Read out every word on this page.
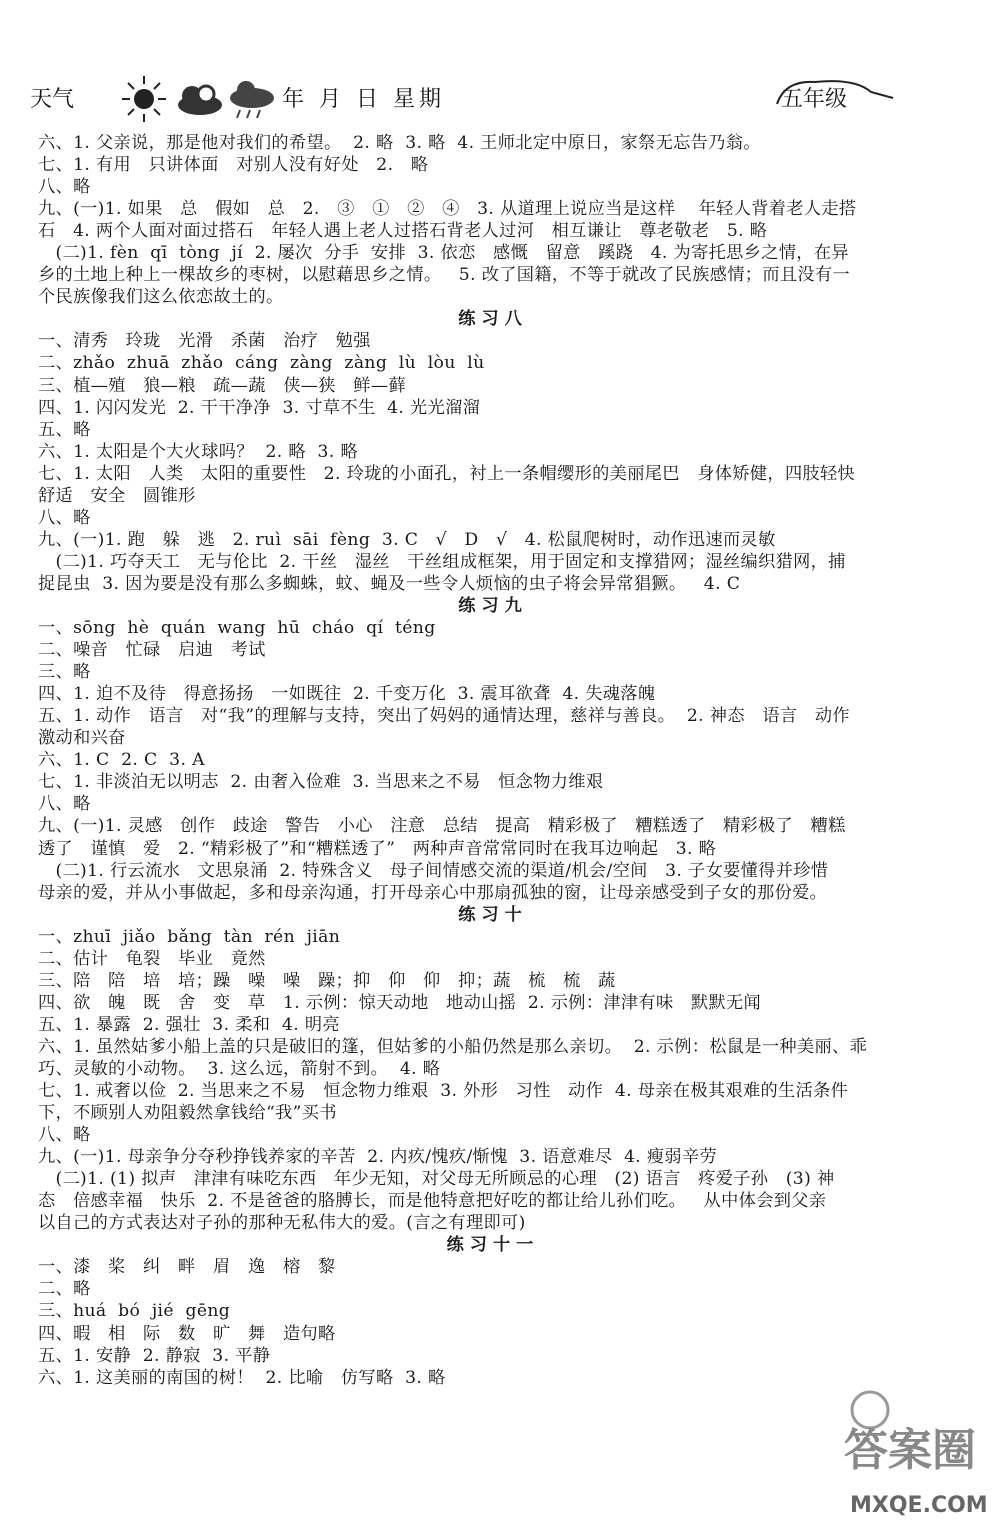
天气	年 月 日 星期	五年级
六、1. 父亲说，那是他对我们的希望。  2. 略  3. 略  4. 王师北定中原日，家祭无忘告乃翁。
七、1. 有用   只讲体面   对别人没有好处   2.   略
八、略
九、(一)1. 如果   总   假如   总   2.   ③   ①   ②   ④   3. 从道理上说应当是这样    年轻人背着老人走搭
石   4. 两个人面对面过搭石   年轻人遇上老人过搭石背老人过河   相互谦让   尊老敬老   5. 略
(二)1. fèn  qī  tòng  jí  2. 屡次  分手  安排  3. 依恋   感慨   留意   蹊跷   4. 为寄托思乡之情，在异
乡的土地上种上一棵故乡的枣树，以慰藉思乡之情。   5. 改了国籍，不等于就改了民族感情；而且没有一
个民族像我们这么依恋故土的。
练习八
一、清秀   玲珑   光滑   杀菌   治疗   勉强
二、zhǎo  zhuā  zhǎo  cáng  zàng  zàng  lù  lòu  lù
三、植—殖   狼—粮   疏—蔬   侠—狭   鲜—藓
四、1. 闪闪发光  2. 干干净净  3. 寸草不生  4. 光光溜溜
五、略
六、1. 太阳是个大火球吗？  2. 略  3. 略
七、1. 太阳   人类   太阳的重要性   2. 玲珑的小面孔，衬上一条帽缨形的美丽尾巴   身体矫健，四肢轻快
舒适   安全   圆锥形
八、略
九、(一)1. 跑   躲   逃   2. ruì  sāi  fèng  3. C   √   D   √   4. 松鼠爬树时，动作迅速而灵敏
(二)1. 巧夺天工   无与伦比  2. 干丝   湿丝   干丝组成框架，用于固定和支撑猎网；湿丝编织猎网，捕
捉昆虫  3. 因为要是没有那么多蜘蛛，蚊、蝇及一些令人烦恼的虫子将会异常猖獗。   4. C
练习九
一、sōng  hè  quán  wang  hū  cháo  qí  téng
二、噪音   忙碌   启迪   考试
三、略
四、1. 迫不及待   得意扬扬   一如既往  2. 千变万化  3. 震耳欲聋  4. 失魂落魄
五、1. 动作   语言   对“我”的理解与支持，突出了妈妈的通情达理，慈祥与善良。  2. 神态   语言   动作
激动和兴奋
六、1. C  2. C  3. A
七、1. 非淡泊无以明志  2. 由奢入俭难  3. 当思来之不易   恒念物力维艰
八、略
九、(一)1. 灵感   创作   歧途   警告   小心   注意   总结   提高   精彩极了   糟糕透了   精彩极了   糟糕
透了   谨慎   爱   2. “精彩极了”和“糟糕透了”   两种声音常常同时在我耳边响起   3. 略
(二)1. 行云流水   文思泉涌  2. 特殊含义   母子间情感交流的渠道/机会/空间   3. 子女要懂得并珍惜
母亲的爱，并从小事做起，多和母亲沟通，打开母亲心中那扇孤独的窗，让母亲感受到子女的那份爱。
练习十
一、zhuī  jiǎo  bǎng  tàn  rén  jiān
二、估计   龟裂   毕业   竟然
三、陪   陪   培   培；躁   噪   噪   躁；抑   仰   仰   抑；蔬   梳   梳   蔬
四、欲   魄   既   舍   变   草   1. 示例：惊天动地   地动山摇  2. 示例：津津有味   默默无闻
五、1. 暴露  2. 强壮  3. 柔和  4. 明亮
六、1. 虽然姑爹小船上盖的只是破旧的篷，但姑爹的小船仍然是那么亲切。  2. 示例：松鼠是一种美丽、乖
巧、灵敏的小动物。  3. 这么远，箭射不到。  4. 略
七、1. 戒奢以俭  2. 当思来之不易   恒念物力维艰  3. 外形   习性   动作  4. 母亲在极其艰难的生活条件
下，不顾别人劝阻毅然拿钱给“我”买书
八、略
九、(一)1. 母亲争分夺秒挣钱养家的辛苦  2. 内疚/愧疚/惭愧  3. 语意难尽  4. 瘦弱辛劳
(二)1. (1) 拟声   津津有味吃东西   年少无知，对父母无所顾忌的心理   (2) 语言   疼爱子孙   (3) 神
态   倍感幸福   快乐  2. 不是爸爸的胳膊长，而是他特意把好吃的都让给儿孙们吃。   从中体会到父亲
以自己的方式表达对子孙的那种无私伟大的爱。(言之有理即可)
练习十一
一、漆   桨   纠   畔   眉   逸   榕   黎
二、略
三、huá  bó  jié  gēng
四、暇   相   际   数   旷   舞   造句略
五、1. 安静  2. 静寂  3. 平静
六、1. 这美丽的南国的树！  2. 比喻   仿写略  3. 略
答案圈
MXQE.COM
